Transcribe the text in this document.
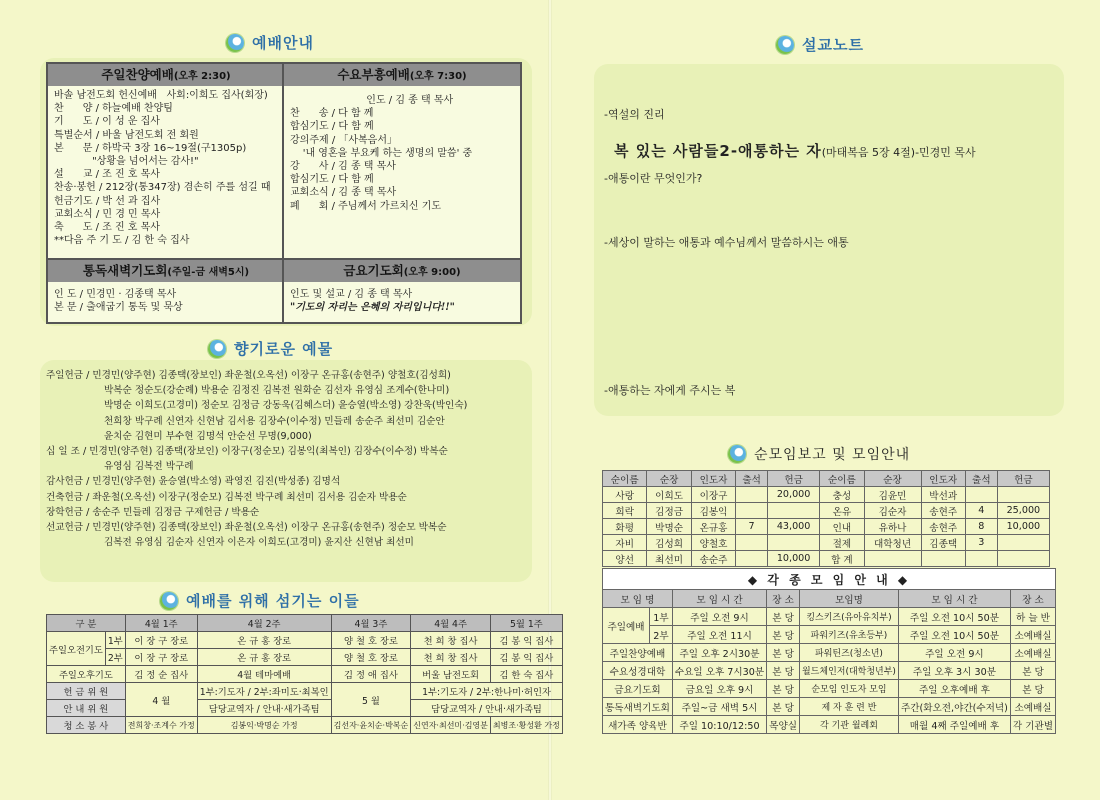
예배안내
주일찬양예배(오후 2:30)
바솔 남전도회 헌신예배   사회:이희도 집사(회장)
찬      양 / 하늘예배 찬양팀
기      도 / 이 성 운 집사
특별순서 / 바울 남전도회 전 회원
본      문 / 하박국 3장 16~19절(구1305p)
"상황을 넘어서는 감사!"
설      교 / 조 진 호 목사
찬송·봉헌 / 212장(통347장) 겸손히 주를 섬길 때
헌금기도 / 박 선 과 집사
교회소식 / 민 경 민 목사
축      도 / 조 진 호 목사
**다음 주 기 도 / 김 한 숙 집사
수요부흥예배(오후 7:30)
인도 / 김 종 택 목사
찬      송 / 다 함 께
합심기도 / 다 함 께
강의주제 / 「사복음서」
'내 영혼을 부요케 하는 생명의 말씀' 중
강      사 / 김 종 택 목사
합심기도 / 다 함 께
교회소식 / 김 종 택 목사
폐      회 / 주님께서 가르치신 기도
통독새벽기도회(주일-금 새벽5시)
인 도 / 민경민 · 김종택 목사
본 문 / 출애굽기 통독 및 묵상
금요기도회(오후 9:00)
인도 및 설교 / 김 종 택 목사
"기도의 자리는 은혜의 자리입니다!!"
향기로운 예물
주일헌금 / 민경민(양주현) 김종택(장보인) 좌운철(오옥선) 이장구 온규홍(송현주) 양철호(김성희)
박복순 정순도(강순례) 박용순 김정진 김복전 원화순 김선자 유영심 조계수(한나미)
박명순 이희도(고경미) 정순모 김정금 강동욱(김혜스더) 윤승열(박소영) 강찬욱(박인숙)
천희창 박구례 신연자 신현남 김서용 김장수(이수정) 민들레 송순주 최선미 김순안
윤치순 김현미 부수현 김명석 안순선 무명(9,000)
십 일 조 / 민경민(양주현) 김종택(장보인) 이장구(정순모) 김봉익(최복인) 김장수(이수정) 박복순
유영심 김복전 박구례
감사헌금 / 민경민(양주현) 윤승열(박소영) 곽영진 김진(박성종) 김명석
건축헌금 / 좌운철(오옥선) 이장구(정순모) 김복전 박구례 최선미 김서용 김순자 박용순
장학헌금 / 송순주 민들레 김정금 구제헌금 / 박용순
선교헌금 / 민경민(양주현) 김종택(장보인) 좌운철(오옥선) 이장구 온규홍(송현주) 정순모 박복순
김복전 유영심 김순자 신연자 이은자 이희도(고경미) 윤지산 신현남 최선미
예배를 위해 섬기는 이들
구 분		4월 1주	4월 2주	4월 3주	4월 4주	5월 1주
주일오전기도	1부	이 장 구 장로	온 규 홍 장로	양 철 호 장로	천 희 창 집사	김 봉 익 집사
	2부	이 장 구 장로	온 규 홍 장로	양 철 호 장로	천 희 창 집사	김 봉 익 집사
주일오후기도		김 정 순 집사	4월 테마예배	김 정 애 집사	버울 남전도회	김 한 숙 집사
헌 금 위 원		4 월	1부:기도자 / 2부:좌미도·최복인	5 월	1부:기도자 / 2부:한나미·허인자	
안 내 위 원			담당교역자 / 안내·새가족팀		담당교역자 / 안내·새가족팀	
청 소 봉 사		전희창·조계수 가정	김봉익·박명순 가정	김선자·윤치순·박복순	신연자·최선미·김영분	최병조·황성환 가정
설교노트
복 있는 사람들2-애통하는 자(마태복음 5장 4절)-민경민 목사
-역설의 진리
-애통이란 무엇인가?
-세상이 말하는 애통과 예수님께서 말씀하시는 애통
-애통하는 자에게 주시는 복
순모임보고 및 모임안내
순이름	순장	인도자	출석	헌금	순이름	순장	인도자	출석	헌금
사랑	이희도	이장구		20,000	충성	김윤민	박선과		
희락	김정금	김봉익			온유	김순자	송현주	4	25,000
화평	박명순	온규홍	7	43,000	인내	유하나	송현주	8	10,000
자비	김성희	양철호			절제	대학청년	김종택	3	
양선	최선미	송순주		10,000	합 계				
◆ 각 종 모 임 안 내 ◆						
모 임 명		모 임 시 간	장 소	모임명	모 임 시 간	장 소
주일예배	1부	주일 오전 9시	본 당	킹스키즈(유아유치부)	주일 오전 10시 50분	하 늘 반
	2부	주일 오전 11시	본 당	파워키즈(유초등부)	주일 오전 10시 50분	소예배실
주일찬양예배		주일 오후 2시30분	본 당	파워틴즈(청소년)	주일 오전 9시	소예배실
수요성경대학		수요일 오후 7시30분	본 당	월드체인저(대학청년부)	주일 오후 3시 30분	본 당
금요기도회		금요일 오후 9시	본 당	순모임 인도자 모임	주일 오후예배 후	본 당
통독새벽기도회		주일~금 새벽 5시	본 당	제 자 훈 련 반	주간(화오전,야간(수저녁)	소예배실
새가족 양육반		주일 10:10/12:50	목양실	각 기관 월례회	매월 4째 주일예배 후	각 기관별
